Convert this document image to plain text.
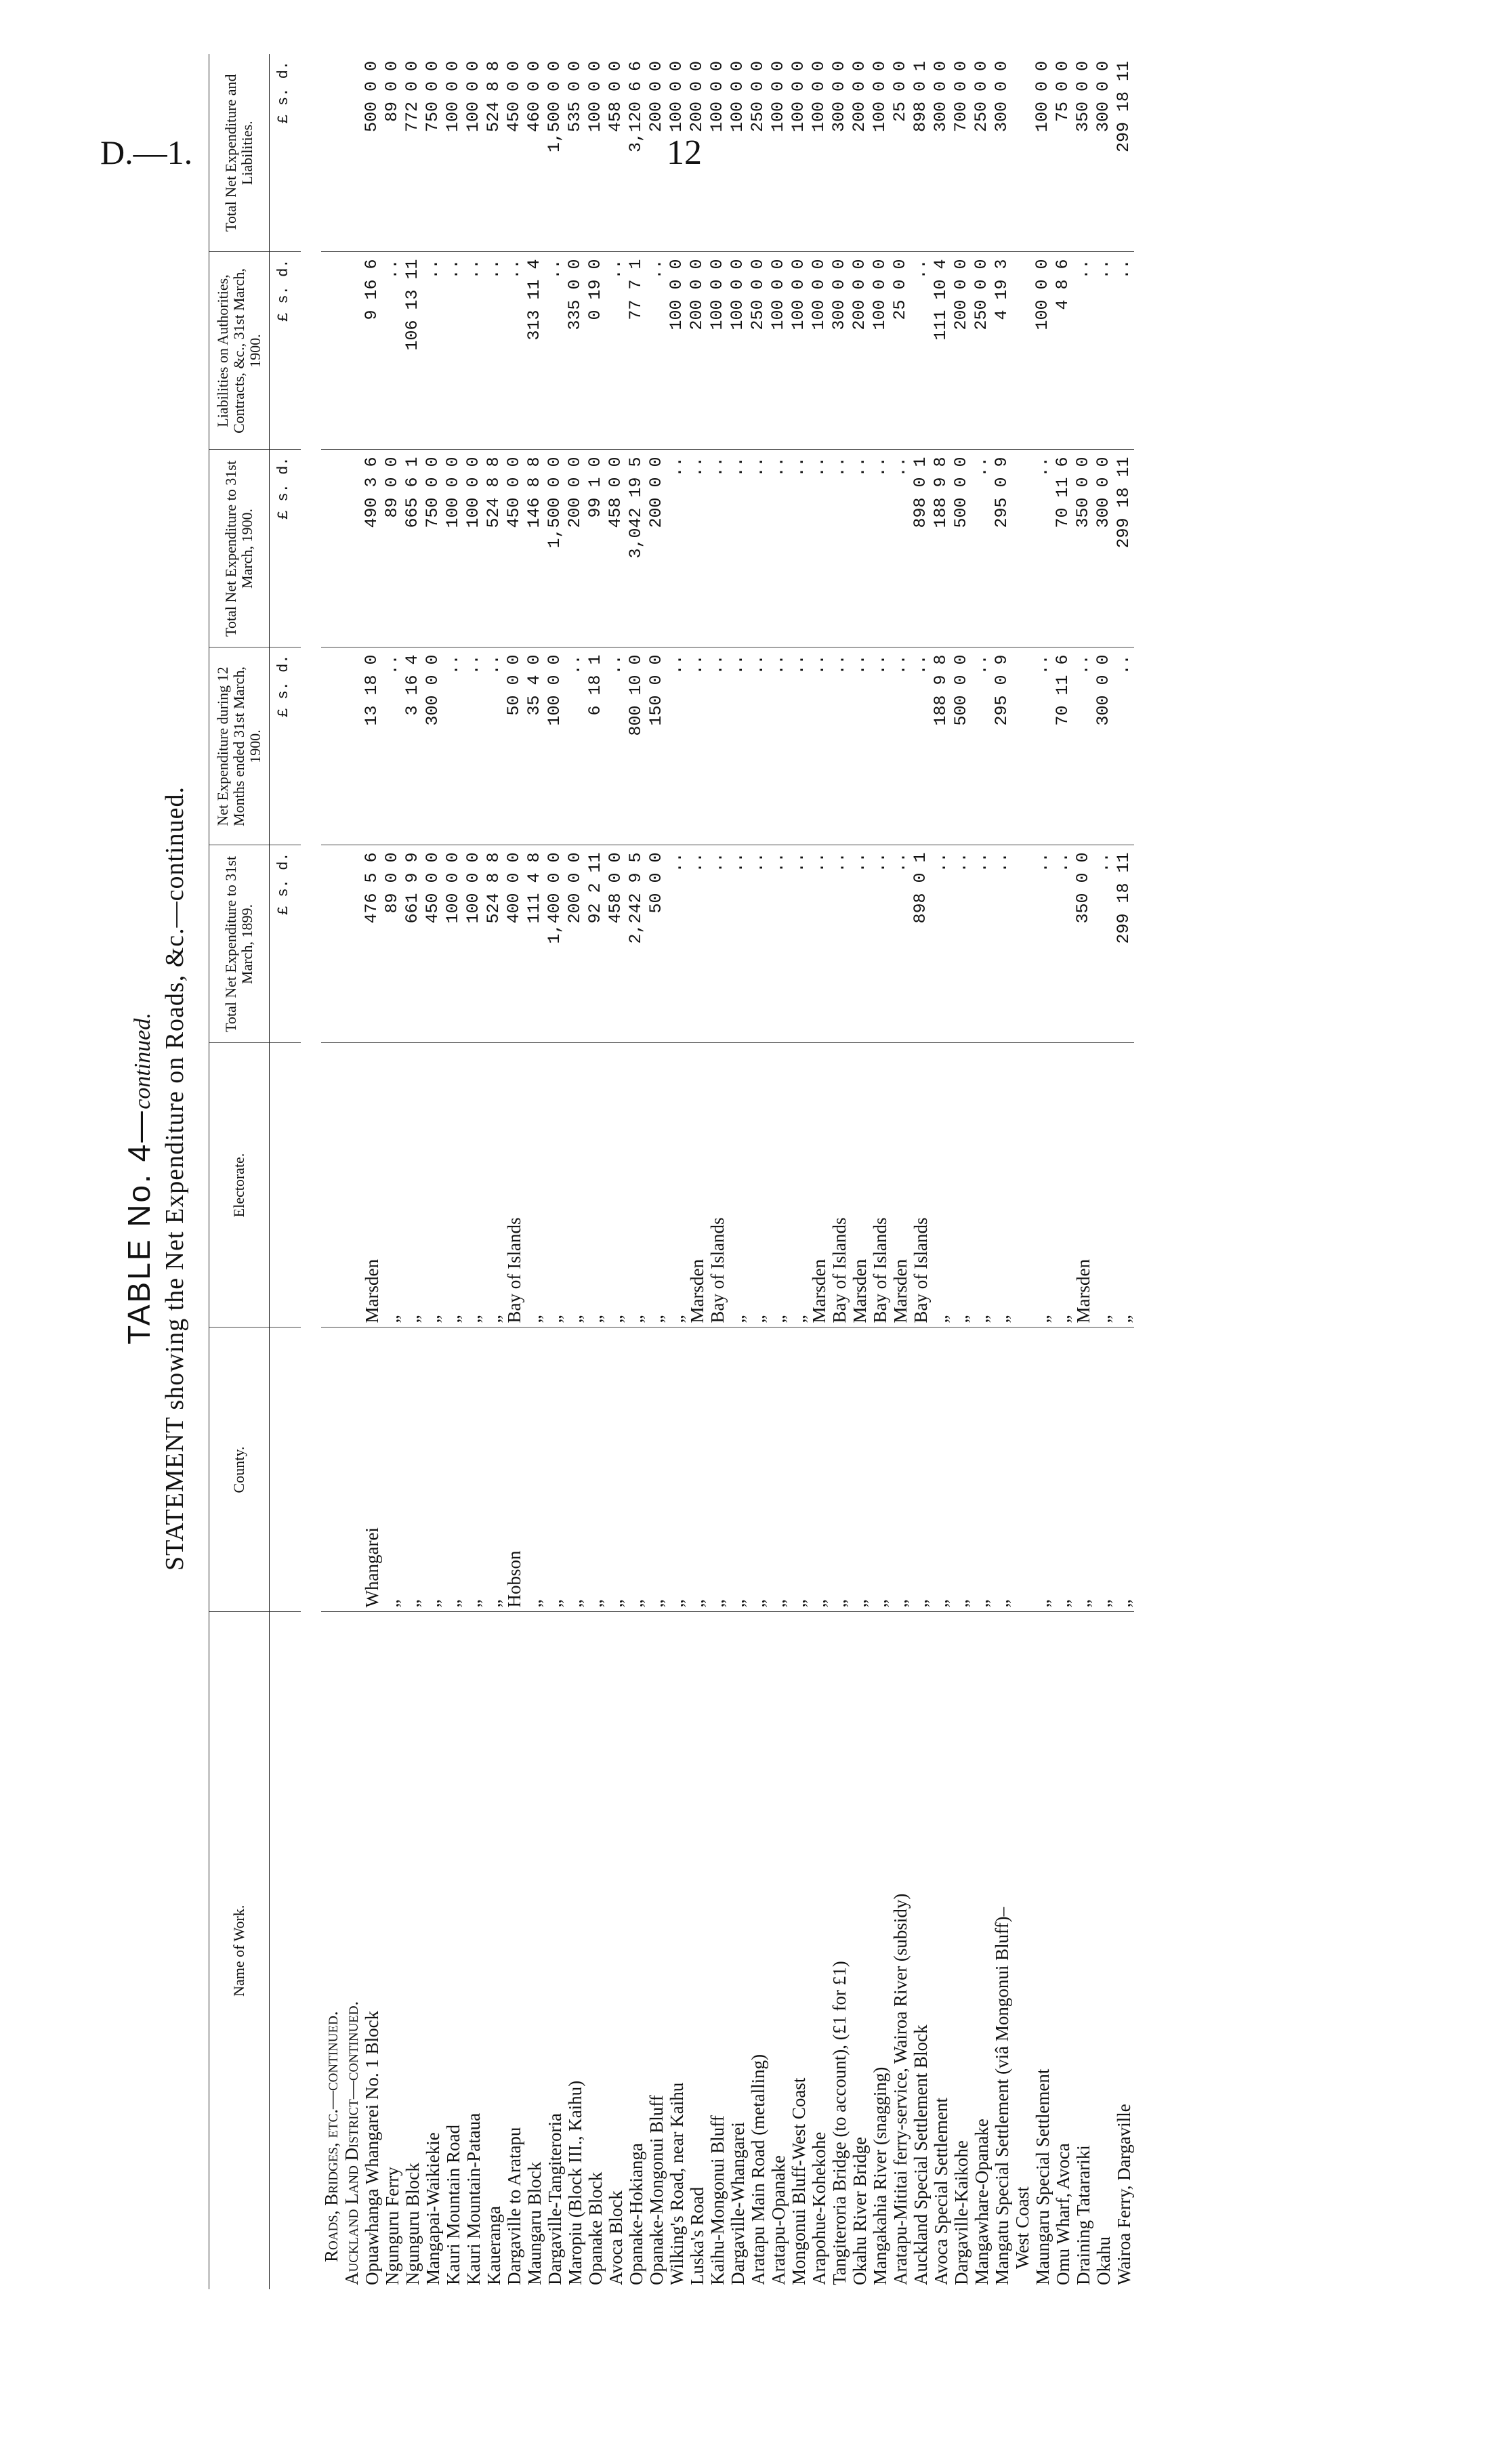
D.—1.	12
TABLE No. 4—continued. STATEMENT showing the Net Expenditure on Roads, &c.—continued.
Name of Work.	County.	Electorate.	Total Net Expenditure to 31st March, 1899.	Net Expenditure during 12 Months ended 31st March, 1900.	Total Net Expenditure to 31st March, 1900.	Liabilities on Authorities, Contracts, &c., 31st March, 1900.	Total Net Expenditure and Liabilities.
			£ s. d.	£ s. d.	£ s. d.	£ s. d.	£ s. d.

Roads, Bridges, etc.—continued.							
Auckland Land District—continued.							
Opuawhanga Whangarei No. 1 Block	Whangarei	Marsden	476 5 6	13 18 0	490 3 6	9 16 6	500 0 0
Ngunguru Ferry	„	„	89 0 0	..	89 0 0	..	89 0 0
Ngunguru Block	„	„	661 9 9	3 16 4	665 6 1	106 13 11	772 0 0
Mangapai-Waikiekie	„	„	450 0 0	300 0 0	750 0 0	..	750 0 0
Kauri Mountain Road	„	„	100 0 0	..	100 0 0	..	100 0 0
Kauri Mountain-Pataua	„	„	100 0 0	..	100 0 0	..	100 0 0
Kaueranga	„	„	524 8 8	..	524 8 8	..	524 8 8
Dargaville to Aratapu	Hobson	Bay of Islands	400 0 0	50 0 0	450 0 0	..	450 0 0
Maungaru Block	„	„	111 4 8	35 4 0	146 8 8	313 11 4	460 0 0
Dargaville-Tangiteroria	„	„	1,400 0 0	100 0 0	1,500 0 0	..	1,500 0 0
Maropiu (Block III., Kaihu)	„	„	200 0 0	..	200 0 0	335 0 0	535 0 0
Opanake Block	„	„	92 2 11	6 18 1	99 1 0	0 19 0	100 0 0
Avoca Block	„	„	458 0 0	..	458 0 0	..	458 0 0
Opanake-Hokianga	„	„	2,242 9 5	800 10 0	3,042 19 5	77 7 1	3,120 6 6
Opanake-Mongonui Bluff	„	„	50 0 0	150 0 0	200 0 0	..	200 0 0
Wilking's Road, near Kaihu	„	„	..	..	..	100 0 0	100 0 0
Luska's Road	„	Marsden	..	..	..	200 0 0	200 0 0
Kaihu-Mongonui Bluff	„	Bay of Islands	..	..	..	100 0 0	100 0 0
Dargaville-Whangarei	„	„	..	..	..	100 0 0	100 0 0
Aratapu Main Road (metalling)	„	„	..	..	..	250 0 0	250 0 0
Aratapu-Opanake	„	„	..	..	..	100 0 0	100 0 0
Mongonui Bluff-West Coast	„	„	..	..	..	100 0 0	100 0 0
Arapohue-Kohekohe	„	Marsden	..	..	..	100 0 0	100 0 0
Tangiteroria Bridge (to account), (£1 for £1)	„	Bay of Islands	..	..	..	300 0 0	300 0 0
Okahu River Bridge	„	Marsden	..	..	..	200 0 0	200 0 0
Mangakahia River (snagging)	„	Bay of Islands	..	..	..	100 0 0	100 0 0
Aratapu-Mititai ferry-service, Wairoa River (subsidy)	„	Marsden	..	..	..	25 0 0	25 0 0
Auckland Special Settlement Block	„	Bay of Islands	898 0 1	..	898 0 1	..	898 0 1
Avoca Special Settlement	„	„	..	188 9 8	188 9 8	111 10 4	300 0 0
Dargaville-Kaikohe	„	„	..	500 0 0	500 0 0	200 0 0	700 0 0
Mangawhare-Opanake	„	„	..	..	..	250 0 0	250 0 0
Mangatu Special Settlement (viâ Mongonui Bluff)–	„	„	..	295 0 9	295 0 9	4 19 3	300 0 0
West Coast							
Maungaru Special Settlement	„	„	..	..	..	100 0 0	100 0 0
Omu Wharf, Avoca	„	„	..	70 11 6	70 11 6	4 8 6	75 0 0
Draining Tatarariki	„	Marsden	350 0 0	..	350 0 0	..	350 0 0
Okahu	„	„	..	300 0 0	300 0 0	..	300 0 0
Wairoa Ferry, Dargaville	„	„	299 18 11	..	299 18 11	..	299 18 11
